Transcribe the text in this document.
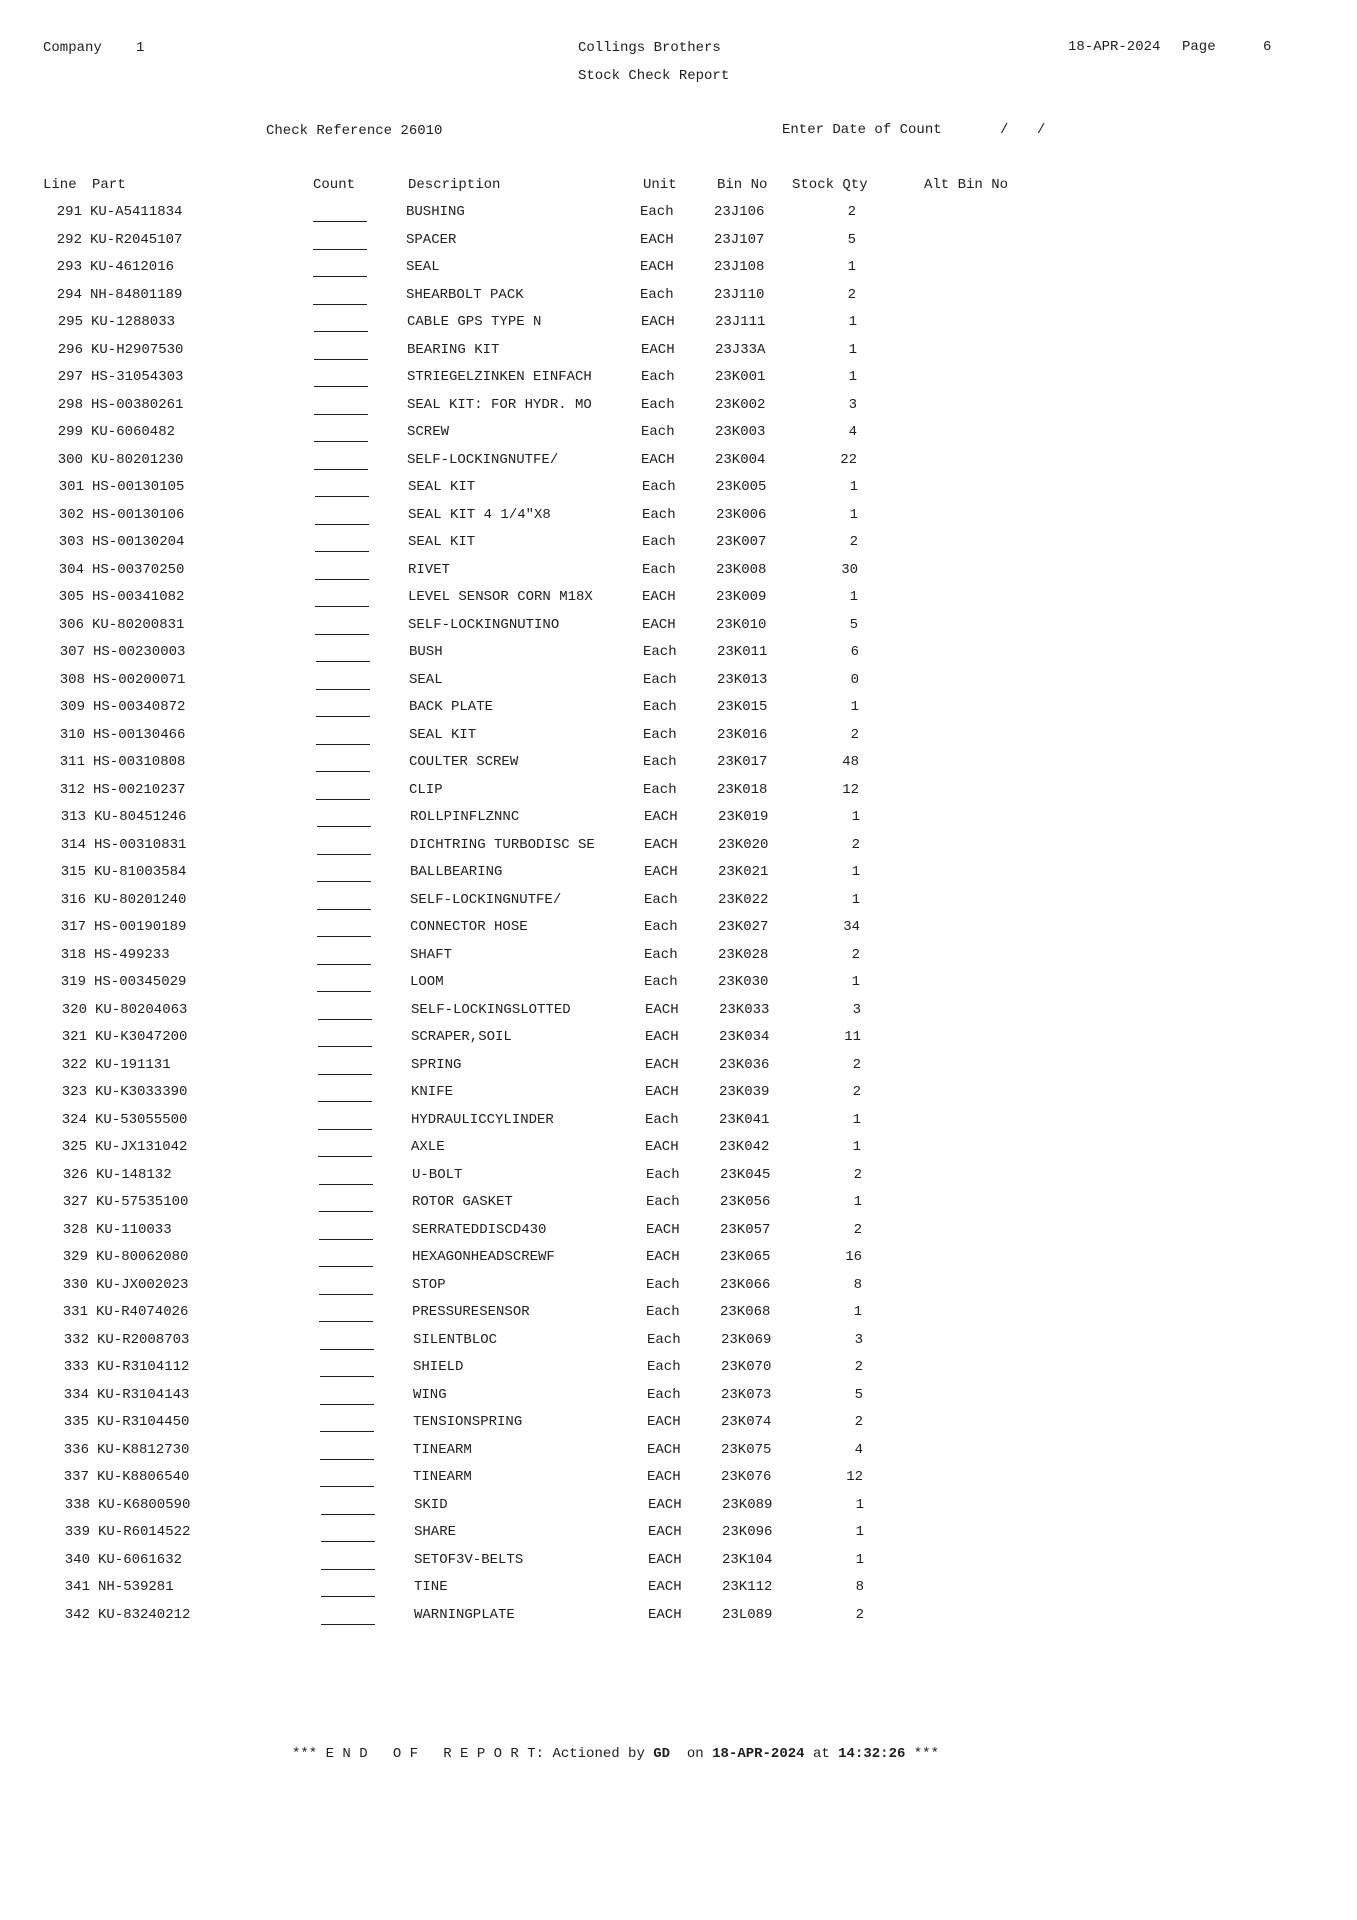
Company 1	Collings Brothers
Stock Check Report
18-APR-2024 Page	6
Check Reference 26010	Enter Date of Count	/ /
Line Part	Count	Description	Unit	Bin No Stock Qty	Alt Bin No
291 KU-A5411834	BUSHING	Each	23J106	2
292 KU-R2045107	SPACER	EACH	23J107	5
293 KU-4612016	SEAL	EACH	23J108	1
294 NH-84801189	SHEARBOLT PACK	Each	23J110	2
295 KU-1288033	CABLE GPS TYPE N	EACH	23J111	1
296 KU-H2907530	BEARING KIT	EACH	23J33A	1
297 HS-31054303	STRIEGELZINKEN EINFACH	Each	23K001	1
298 HS-00380261	SEAL KIT: FOR HYDR. MO	Each	23K002	3
299 KU-6060482	SCREW	Each	23K003	4
300 KU-80201230	SELF-LOCKINGNUTFE/	EACH	23K004	22
301 HS-00130105	SEAL KIT	Each	23K005	1
302 HS-00130106	SEAL KIT 4 1/4"X8	Each	23K006	1
303 HS-00130204	SEAL KIT	Each	23K007	2
304 HS-00370250	RIVET	Each	23K008	30
305 HS-00341082	LEVEL SENSOR CORN M18X	EACH	23K009	1
306 KU-80200831	SELF-LOCKINGNUTINO	EACH	23K010	5
307 HS-00230003	BUSH	Each	23K011	6
308 HS-00200071	SEAL	Each	23K013	0
309 HS-00340872	BACK PLATE	Each	23K015	1
310 HS-00130466	SEAL KIT	Each	23K016	2
311 HS-00310808	COULTER SCREW	Each	23K017	48
312 HS-00210237	CLIP	Each	23K018	12
313 KU-80451246	ROLLPINFLZNNC	EACH	23K019	1
314 HS-00310831	DICHTRING TURBODISC SE	EACH	23K020	2
315 KU-81003584	BALLBEARING	EACH	23K021	1
316 KU-80201240	SELF-LOCKINGNUTFE/	Each	23K022	1
317 HS-00190189	CONNECTOR HOSE	Each	23K027	34
318 HS-499233	SHAFT	Each	23K028	2
319 HS-00345029	LOOM	Each	23K030	1
320 KU-80204063	SELF-LOCKINGSLOTTED	EACH	23K033	3
321 KU-K3047200	SCRAPER,SOIL	EACH	23K034	11
322 KU-191131	SPRING	EACH	23K036	2
323 KU-K3033390	KNIFE	EACH	23K039	2
324 KU-53055500	HYDRAULICCYLINDER	Each	23K041	1
325 KU-JX131042	AXLE	EACH	23K042	1
326 KU-148132	U-BOLT	Each	23K045	2
327 KU-57535100	ROTOR GASKET	Each	23K056	1
328 KU-110033	SERRATEDDISCD430	EACH	23K057	2
329 KU-80062080	HEXAGONHEADSCREWF	EACH	23K065	16
330 KU-JX002023	STOP	Each	23K066	8
331 KU-R4074026	PRESSURESENSOR	Each	23K068	1
332 KU-R2008703	SILENTBLOC	Each	23K069	3
333 KU-R3104112	SHIELD	Each	23K070	2
334 KU-R3104143	WING	Each	23K073	5
335 KU-R3104450	TENSIONSPRING	EACH	23K074	2
336 KU-K8812730	TINEARM	EACH	23K075	4
337 KU-K8806540	TINEARM	EACH	23K076	12
338 KU-K6800590	SKID	EACH	23K089	1
339 KU-R6014522	SHARE	EACH	23K096	1
340 KU-6061632	SETOF3V-BELTS	EACH	23K104	1
341 NH-539281	TINE	EACH	23K112	8
342 KU-83240212	WARNINGPLATE	EACH	23L089	2
*** E N D   O F   R E P O R T: Actioned by GD on 18-APR-2024 at 14:32:26 ***
